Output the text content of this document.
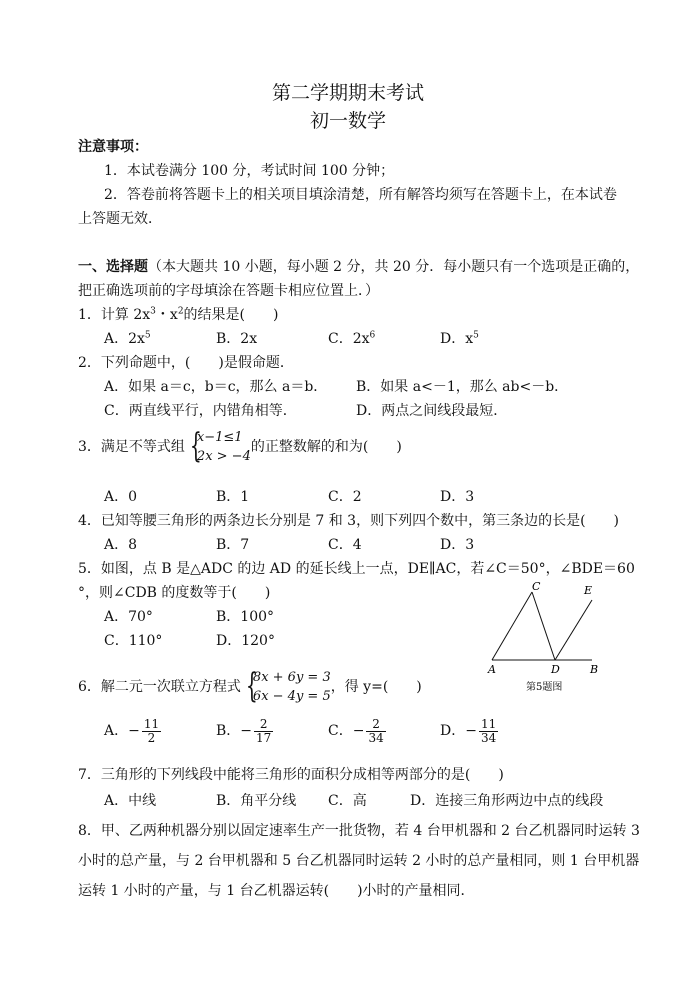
第二学期期末考试
初一数学
注意事项：
1．本试卷满分 100 分，考试时间 100 分钟；
2．答卷前将答题卡上的相关项目填涂清楚，所有解答均须写在答题卡上，在本试卷
上答题无效．
一、选择题（本大题共 10 小题，每小题 2 分，共 20 分．每小题只有一个选项是正确的，
把正确选项前的字母填涂在答题卡相应位置上．）
1．计算 $2x^3$・$x^2$的结果是(　　)
A．$2x^5$	B．2x	C．$2x^6$	D．$x^5$
2．下列命题中，(　　)是假命题．
A．如果 a＝c，b＝c，那么 a＝b． B．如果 a<－1，那么 ab<－b．
C．两直线平行，内错角相等．	D．两点之间线段最短．
3．满足不等式组 {
x−1≤1
2x > −4
的正整数解的和为(　　)
A．0	B．1	C．2	D．3
4．已知等腰三角形的两条边长分别是 7 和 3，则下列四个数中，第三条边的长是(　　)
A．8	B．7	C．4	D．3
5．如图，点 B 是△ADC 的边 AD 的延长线上一点，DE∥AC，若∠C＝50°，∠BDE＝60
°，则∠CDB 的度数等于(　　)
A．70°	B．100°
C．110°	D．120°
A
C
D	B
E
第5题图
6．解二元一次联立方程式 {
8x + 6y = 3
6x − 4y = 5
，得 y=(　　)
A．− $\frac{11}{2}$	B．− $\frac{2}{17}$	C．− $\frac{2}{34}$	D．− $\frac{11}{34}$
7．三角形的下列线段中能将三角形的面积分成相等两部分的是(　　)
A．中线	B．角平分线 C．高	D．连接三角形两边中点的线段
8．甲、乙两种机器分别以固定速率生产一批货物，若 4 台甲机器和 2 台乙机器同时运转 3
小时的总产量，与 2 台甲机器和 5 台乙机器同时运转 2 小时的总产量相同，则 1 台甲机器
运转 1 小时的产量，与 1 台乙机器运转(　　)小时的产量相同．
